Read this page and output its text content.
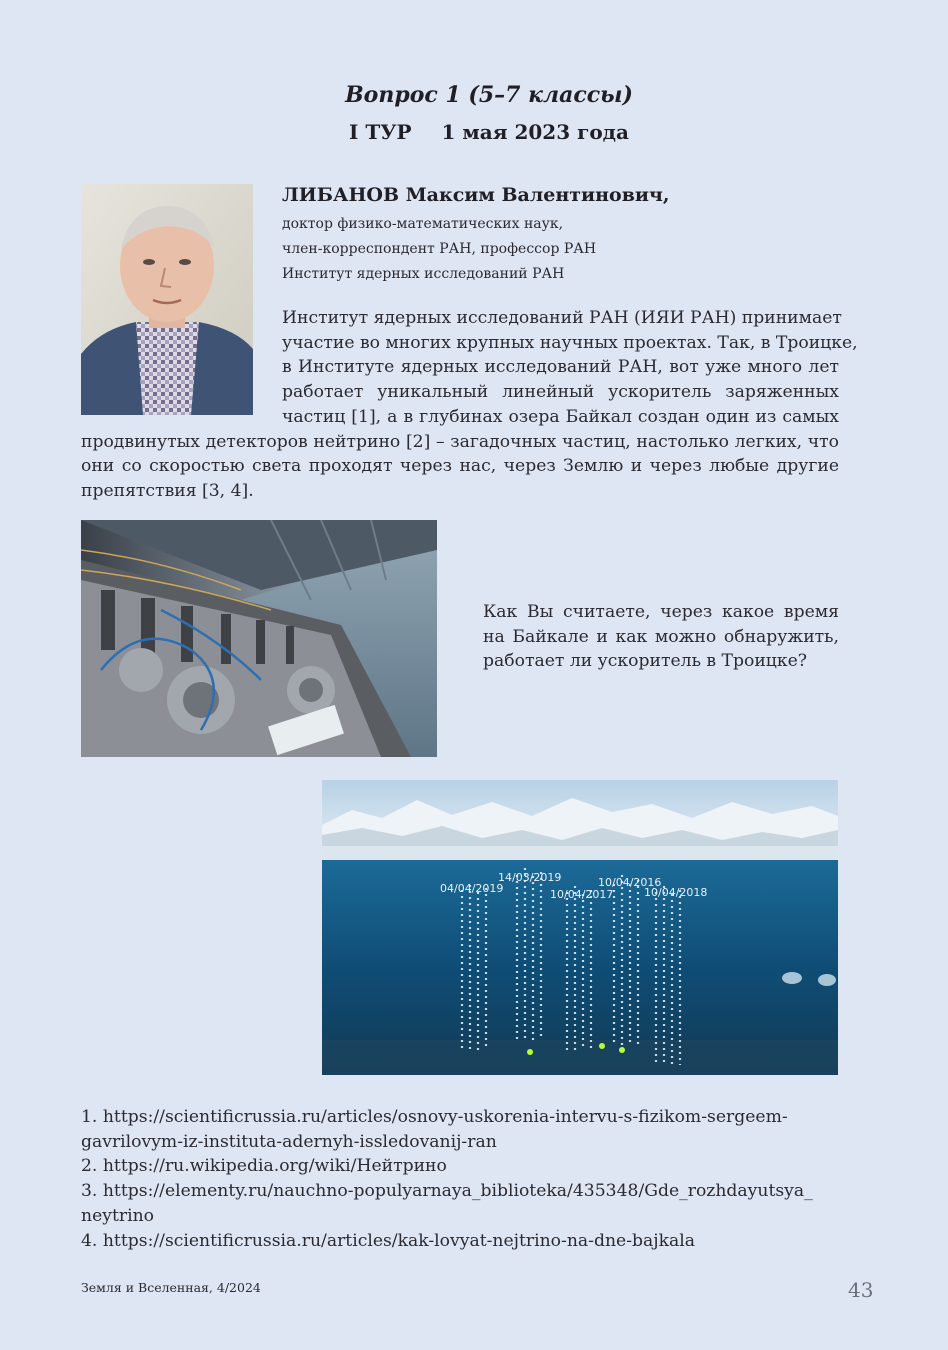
Вопрос 1 (5–7 классы)
I ТУР 1 мая 2023 года
ЛИБАНОВ Максим Валентинович,
доктор физико-математических наук,
член-корреспондент РАН, профессор РАН
Институт ядерных исследований РАН
Институт ядерных исследований РАН (ИЯИ РАН) принимает
участие во многих крупных научных проектах. Так, в Троицке,
в Институте ядерных исследований РАН, вот уже много лет
работает уникальный линейный ускоритель заряженных
частиц [1], а в глубинах озера Байкал создан один из самых
продвинутых детекторов нейтрино [2] – загадочных частиц, настолько легких, что
они со скоростью света проходят через нас, через Землю и через любые другие
препятствия [3, 4].
Как Вы считаете, через какое время
на Байкале и как можно обнаружить,
работает ли ускоритель в Троицке?
04/04/2019
14/03/2019
10/04/2017
10/04/2016
10/04/2018
1. https://scientificrussia.ru/articles/osnovy-uskorenia-intervu-s-fizikom-sergeem-
gavrilovym-iz-instituta-adernyh-issledovanij-ran
2. https://ru.wikipedia.org/wiki/Нейтрино
3. https://elementy.ru/nauchno-populyarnaya_biblioteka/435348/Gde_rozhdayutsya_
neytrino
4. https://scientificrussia.ru/articles/kak-lovyat-nejtrino-na-dne-bajkala
Земля и Вселенная, 4/2024	43
